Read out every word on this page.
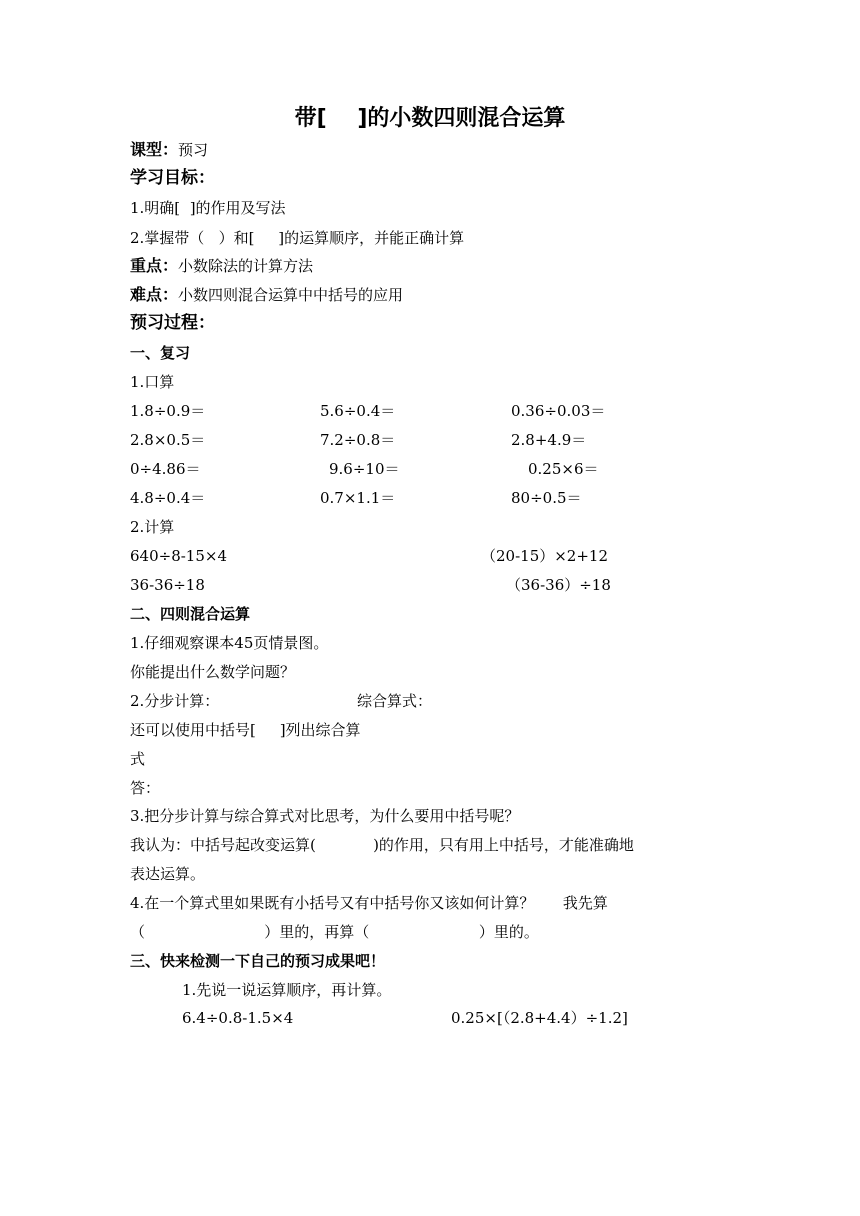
带[    ]的小数四则混合运算
课型：预习
学习目标：
1.明确[  ]的作用及写法
2.掌握带（   ）和[     ]的运算顺序，并能正确计算
重点：小数除法的计算方法
难点：小数四则混合运算中中括号的应用
预习过程：
一、复习
1.口算
1.8÷0.9＝	5.6÷0.4＝	0.36÷0.03＝
2.8×0.5＝	7.2÷0.8＝	2.8+4.9＝
0÷4.86＝	9.6÷10＝	0.25×6＝
4.8÷0.4＝	0.7×1.1＝	80÷0.5＝
2.计算
640÷8-15×4	（20-15）×2+12
36-36÷18	（36-36）÷18
二、四则混合运算
1.仔细观察课本45页情景图。
你能提出什么数学问题？
2.分步计算：	综合算式：
还可以使用中括号[     ]列出综合算
式
答：
3.把分步计算与综合算式对比思考，为什么要用中括号呢？
我认为：中括号起改变运算(            )的作用，只有用上中括号，才能准确地
表达运算。
4.在一个算式里如果既有小括号又有中括号你又该如何计算？      我先算
（                         ）里的，再算（                       ）里的。
三、快来检测一下自己的预习成果吧！
1.先说一说运算顺序，再计算。
6.4÷0.8-1.5×4	0.25×[（2.8+4.4）÷1.2]
